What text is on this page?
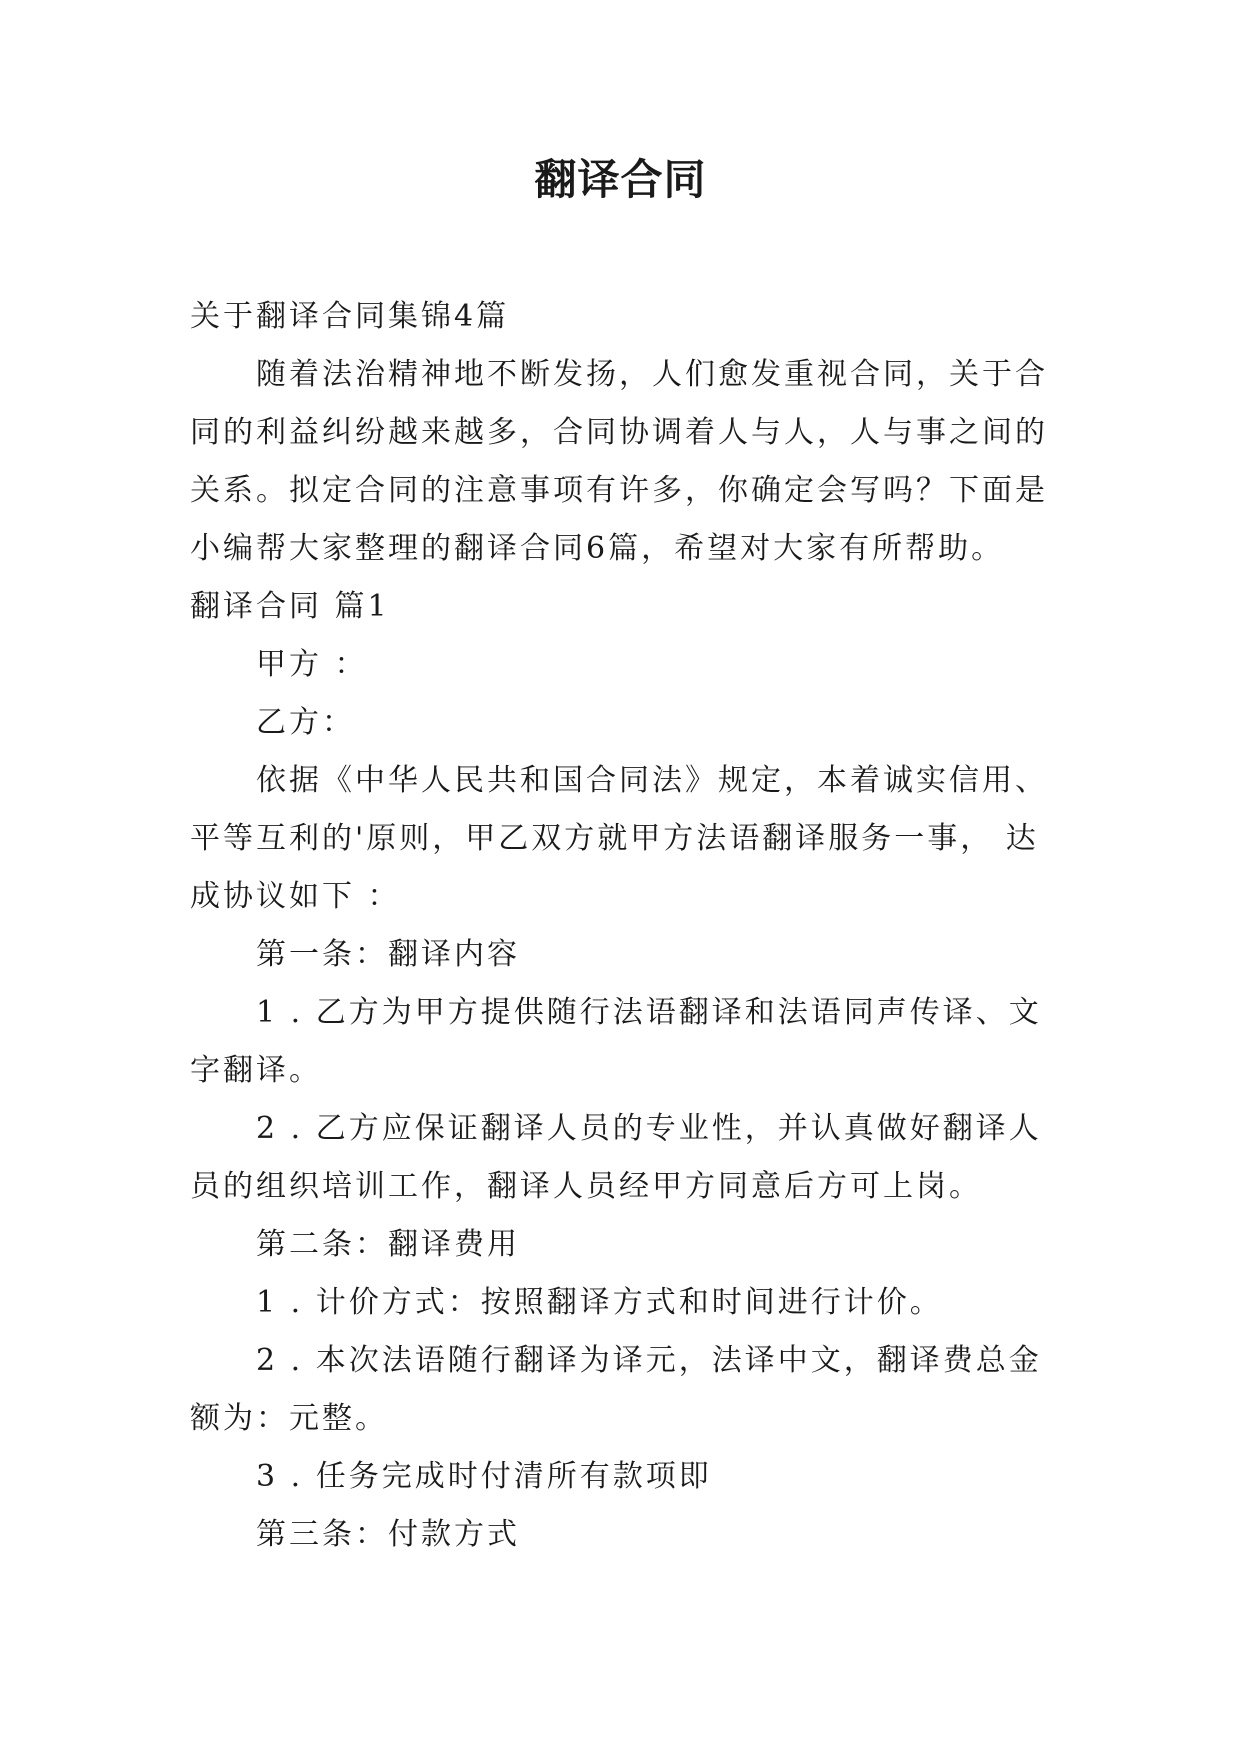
翻译合同

关于翻译合同集锦4篇

随着法治精神地不断发扬，人们愈发重视合同，关于合同的利益纠纷越来越多，合同协调着人与人，人与事之间的关系。拟定合同的注意事项有许多，你确定会写吗？下面是小编帮大家整理的翻译合同6篇，希望对大家有所帮助。

翻译合同 篇1

甲方 ：

乙方：

依据《中华人民共和国合同法》规定，本着诚实信用、平等互利的'原则，甲乙双方就甲方法语翻译服务一事， 达成协议如下 ：

第一条：翻译内容

1 . 乙方为甲方提供随行法语翻译和法语同声传译、文字翻译。

2 . 乙方应保证翻译人员的专业性，并认真做好翻译人员的组织培训工作，翻译人员经甲方同意后方可上岗。

第二条：翻译费用

1 . 计价方式：按照翻译方式和时间进行计价。

2 . 本次法语随行翻译为译元，法译中文，翻译费总金额为：元整。

3 . 任务完成时付清所有款项即

第三条：付款方式
